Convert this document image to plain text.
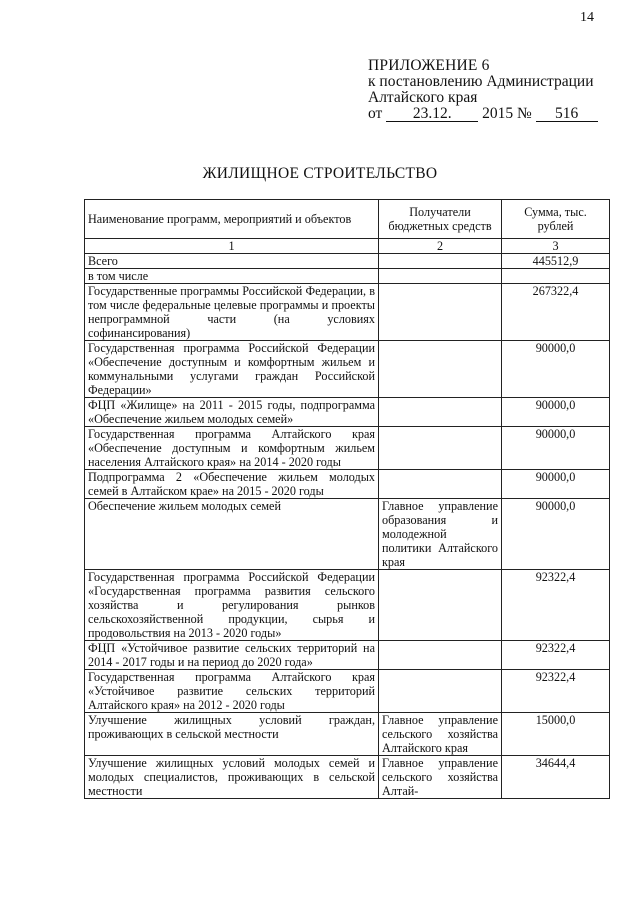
14
ПРИЛОЖЕНИЕ 6
к постановлению Администрации
Алтайского края
от 23.12. 2015 № 516
ЖИЛИЩНОЕ СТРОИТЕЛЬСТВО
Наименование программ, мероприятий и объектов	Получатели бюджетных средств	Сумма, тыс. рублей
1	2	3
Всего		445512,9
в том числе		
Государственные программы Российской Федерации, в том числе федеральные целевые программы и проекты непрограммной части (на условиях софинансирования)		267322,4
Государственная программа Российской Федерации «Обеспечение доступным и комфортным жильем и коммунальными услугами граждан Российской Федерации»		90000,0
ФЦП «Жилище» на 2011 - 2015 годы, подпрограмма «Обеспечение жильем молодых семей»		90000,0
Государственная программа Алтайского края «Обеспечение доступным и комфортным жильем населения Алтайского края» на 2014 - 2020 годы		90000,0
Подпрограмма 2 «Обеспечение жильем молодых семей в Алтайском крае» на 2015 - 2020 годы		90000,0
Обеспечение жильем молодых семей	Главное управление образования и молодежной политики Алтайского края	90000,0
Государственная программа Российской Федерации «Государственная программа развития сельского хозяйства и регулирования рынков сельскохозяйственной продукции, сырья и продовольствия на 2013 - 2020 годы»		92322,4
ФЦП «Устойчивое развитие сельских территорий на 2014 - 2017 годы и на период до 2020 года»		92322,4
Государственная программа Алтайского края «Устойчивое развитие сельских территорий Алтайского края» на 2012 - 2020 годы		92322,4
Улучшение жилищных условий граждан, проживающих в сельской местности	Главное управление сельского хозяйства Алтайского края	15000,0
Улучшение жилищных условий молодых семей и молодых специалистов, проживающих в сельской местности	Главное управление сельского хозяйства Алтай-	34644,4
